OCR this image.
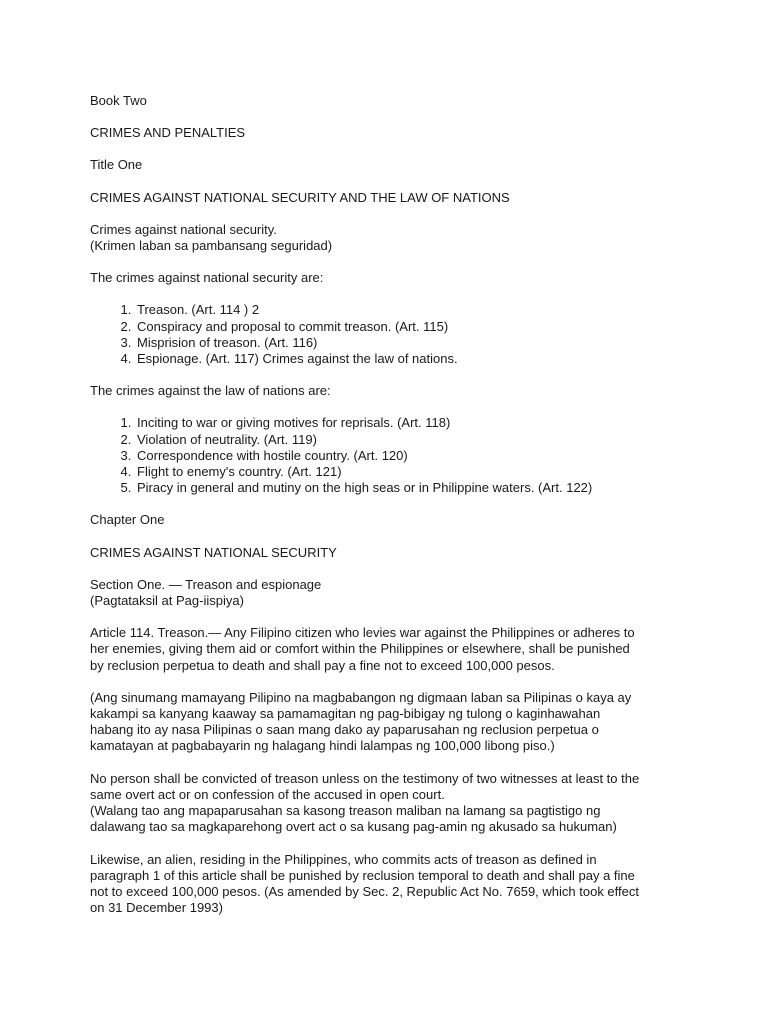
Book Two

CRIMES AND PENALTIES

Title One

CRIMES AGAINST NATIONAL SECURITY AND THE LAW OF NATIONS

Crimes against national security.
(Krimen laban sa pambansang seguridad)

The crimes against national security are:

1. Treason. (Art. 114 ) 2
2. Conspiracy and proposal to commit treason. (Art. 115)
3. Misprision of treason. (Art. 116)
4. Espionage. (Art. 117) Crimes against the law of nations.

The crimes against the law of nations are:

1. Inciting to war or giving motives for reprisals. (Art. 118)
2. Violation of neutrality. (Art. 119)
3. Correspondence with hostile country. (Art. 120)
4. Flight to enemy's country. (Art. 121)
5. Piracy in general and mutiny on the high seas or in Philippine waters. (Art. 122)

Chapter One

CRIMES AGAINST NATIONAL SECURITY

Section One. — Treason and espionage
(Pagtataksil at Pag-iispiya)

Article 114. Treason.— Any Filipino citizen who levies war against the Philippines or adheres to
her enemies, giving them aid or comfort within the Philippines or elsewhere, shall be punished
by reclusion perpetua to death and shall pay a fine not to exceed 100,000 pesos.

(Ang sinumang mamayang Pilipino na magbabangon ng digmaan laban sa Pilipinas o kaya ay
kakampi sa kanyang kaaway sa pamamagitan ng pag-bibigay ng tulong o kaginhawahan
habang ito ay nasa Pilipinas o saan mang dako ay paparusahan ng reclusion perpetua o
kamatayan at pagbabayarin ng halagang hindi lalampas ng 100,000 libong piso.)

No person shall be convicted of treason unless on the testimony of two witnesses at least to the
same overt act or on confession of the accused in open court.
(Walang tao ang mapaparusahan sa kasong treason maliban na lamang sa pagtistigo ng
dalawang tao sa magkaparehong overt act o sa kusang pag-amin ng akusado sa hukuman)

Likewise, an alien, residing in the Philippines, who commits acts of treason as defined in
paragraph 1 of this article shall be punished by reclusion temporal to death and shall pay a fine
not to exceed 100,000 pesos. (As amended by Sec. 2, Republic Act No. 7659, which took effect
on 31 December 1993)
